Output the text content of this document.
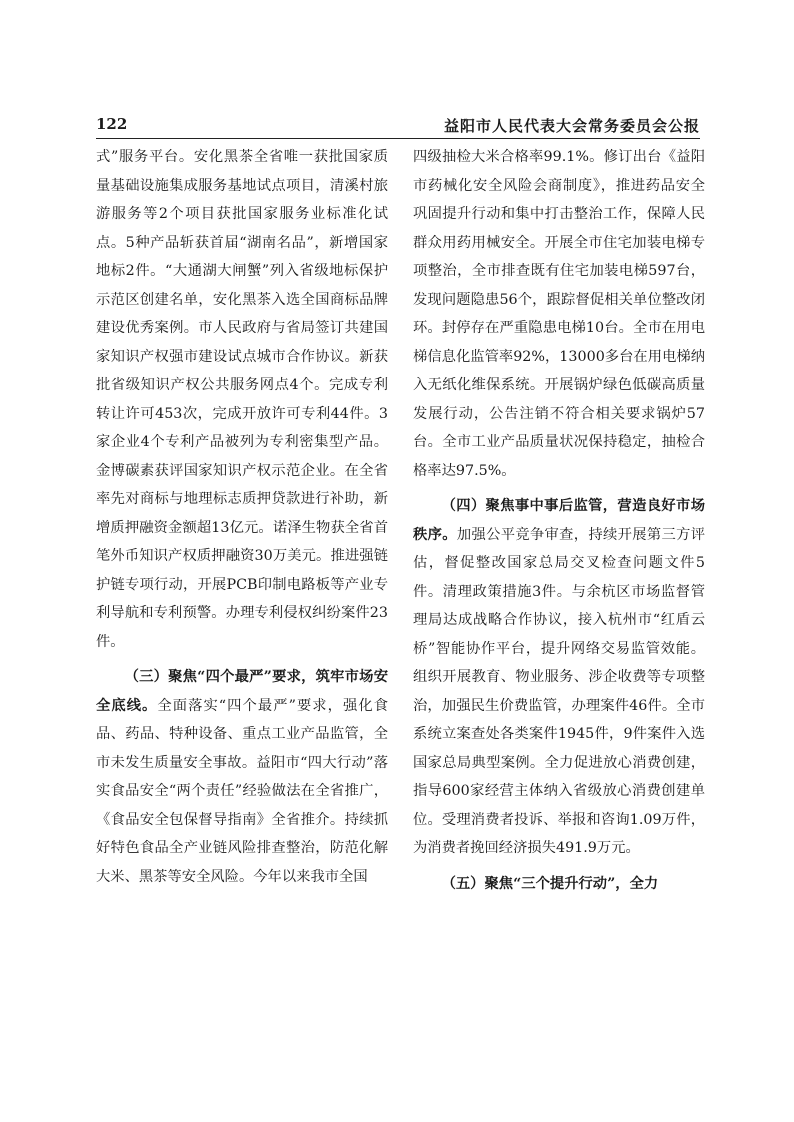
122	益阳市人民代表大会常务委员会公报

式”服务平台。安化黑茶全省唯一获批国家质量基础设施集成服务基地试点项目，清溪村旅游服务等2个项目获批国家服务业标准化试点。5种产品斩获首届“湖南名品”，新增国家地标2件。“大通湖大闸蟹”列入省级地标保护示范区创建名单，安化黑茶入选全国商标品牌建设优秀案例。市人民政府与省局签订共建国家知识产权强市建设试点城市合作协议。新获批省级知识产权公共服务网点4个。完成专利转让许可453次，完成开放许可专利44件。3家企业4个专利产品被列为专利密集型产品。金博碳素获评国家知识产权示范企业。在全省率先对商标与地理标志质押贷款进行补助，新增质押融资金额超13亿元。诺泽生物获全省首笔外币知识产权质押融资30万美元。推进强链护链专项行动，开展PCB印制电路板等产业专利导航和专利预警。办理专利侵权纠纷案件23件。

（三）聚焦“四个最严”要求，筑牢市场安全底线。全面落实“四个最严”要求，强化食品、药品、特种设备、重点工业产品监管，全市未发生质量安全事故。益阳市“四大行动”落实食品安全“两个责任”经验做法在全省推广，《食品安全包保督导指南》全省推介。持续抓好特色食品全产业链风险排查整治，防范化解大米、黑茶等安全风险。今年以来我市全国

四级抽检大米合格率99.1%。修订出台《益阳市药械化安全风险会商制度》，推进药品安全巩固提升行动和集中打击整治工作，保障人民群众用药用械安全。开展全市住宅加装电梯专项整治，全市排查既有住宅加装电梯597台，发现问题隐患56个，跟踪督促相关单位整改闭环。封停存在严重隐患电梯10台。全市在用电梯信息化监管率92%，13000多台在用电梯纳入无纸化维保系统。开展锅炉绿色低碳高质量发展行动，公告注销不符合相关要求锅炉57台。全市工业产品质量状况保持稳定，抽检合格率达97.5%。

（四）聚焦事中事后监管，营造良好市场秩序。加强公平竞争审查，持续开展第三方评估，督促整改国家总局交叉检查问题文件5件。清理政策措施3件。与余杭区市场监督管理局达成战略合作协议，接入杭州市“红盾云桥”智能协作平台，提升网络交易监管效能。组织开展教育、物业服务、涉企收费等专项整治，加强民生价费监管，办理案件46件。全市系统立案查处各类案件1945件，9件案件入选国家总局典型案例。全力促进放心消费创建，指导600家经营主体纳入省级放心消费创建单位。受理消费者投诉、举报和咨询1.09万件，为消费者挽回经济损失491.9万元。

（五）聚焦“三个提升行动”，全力
